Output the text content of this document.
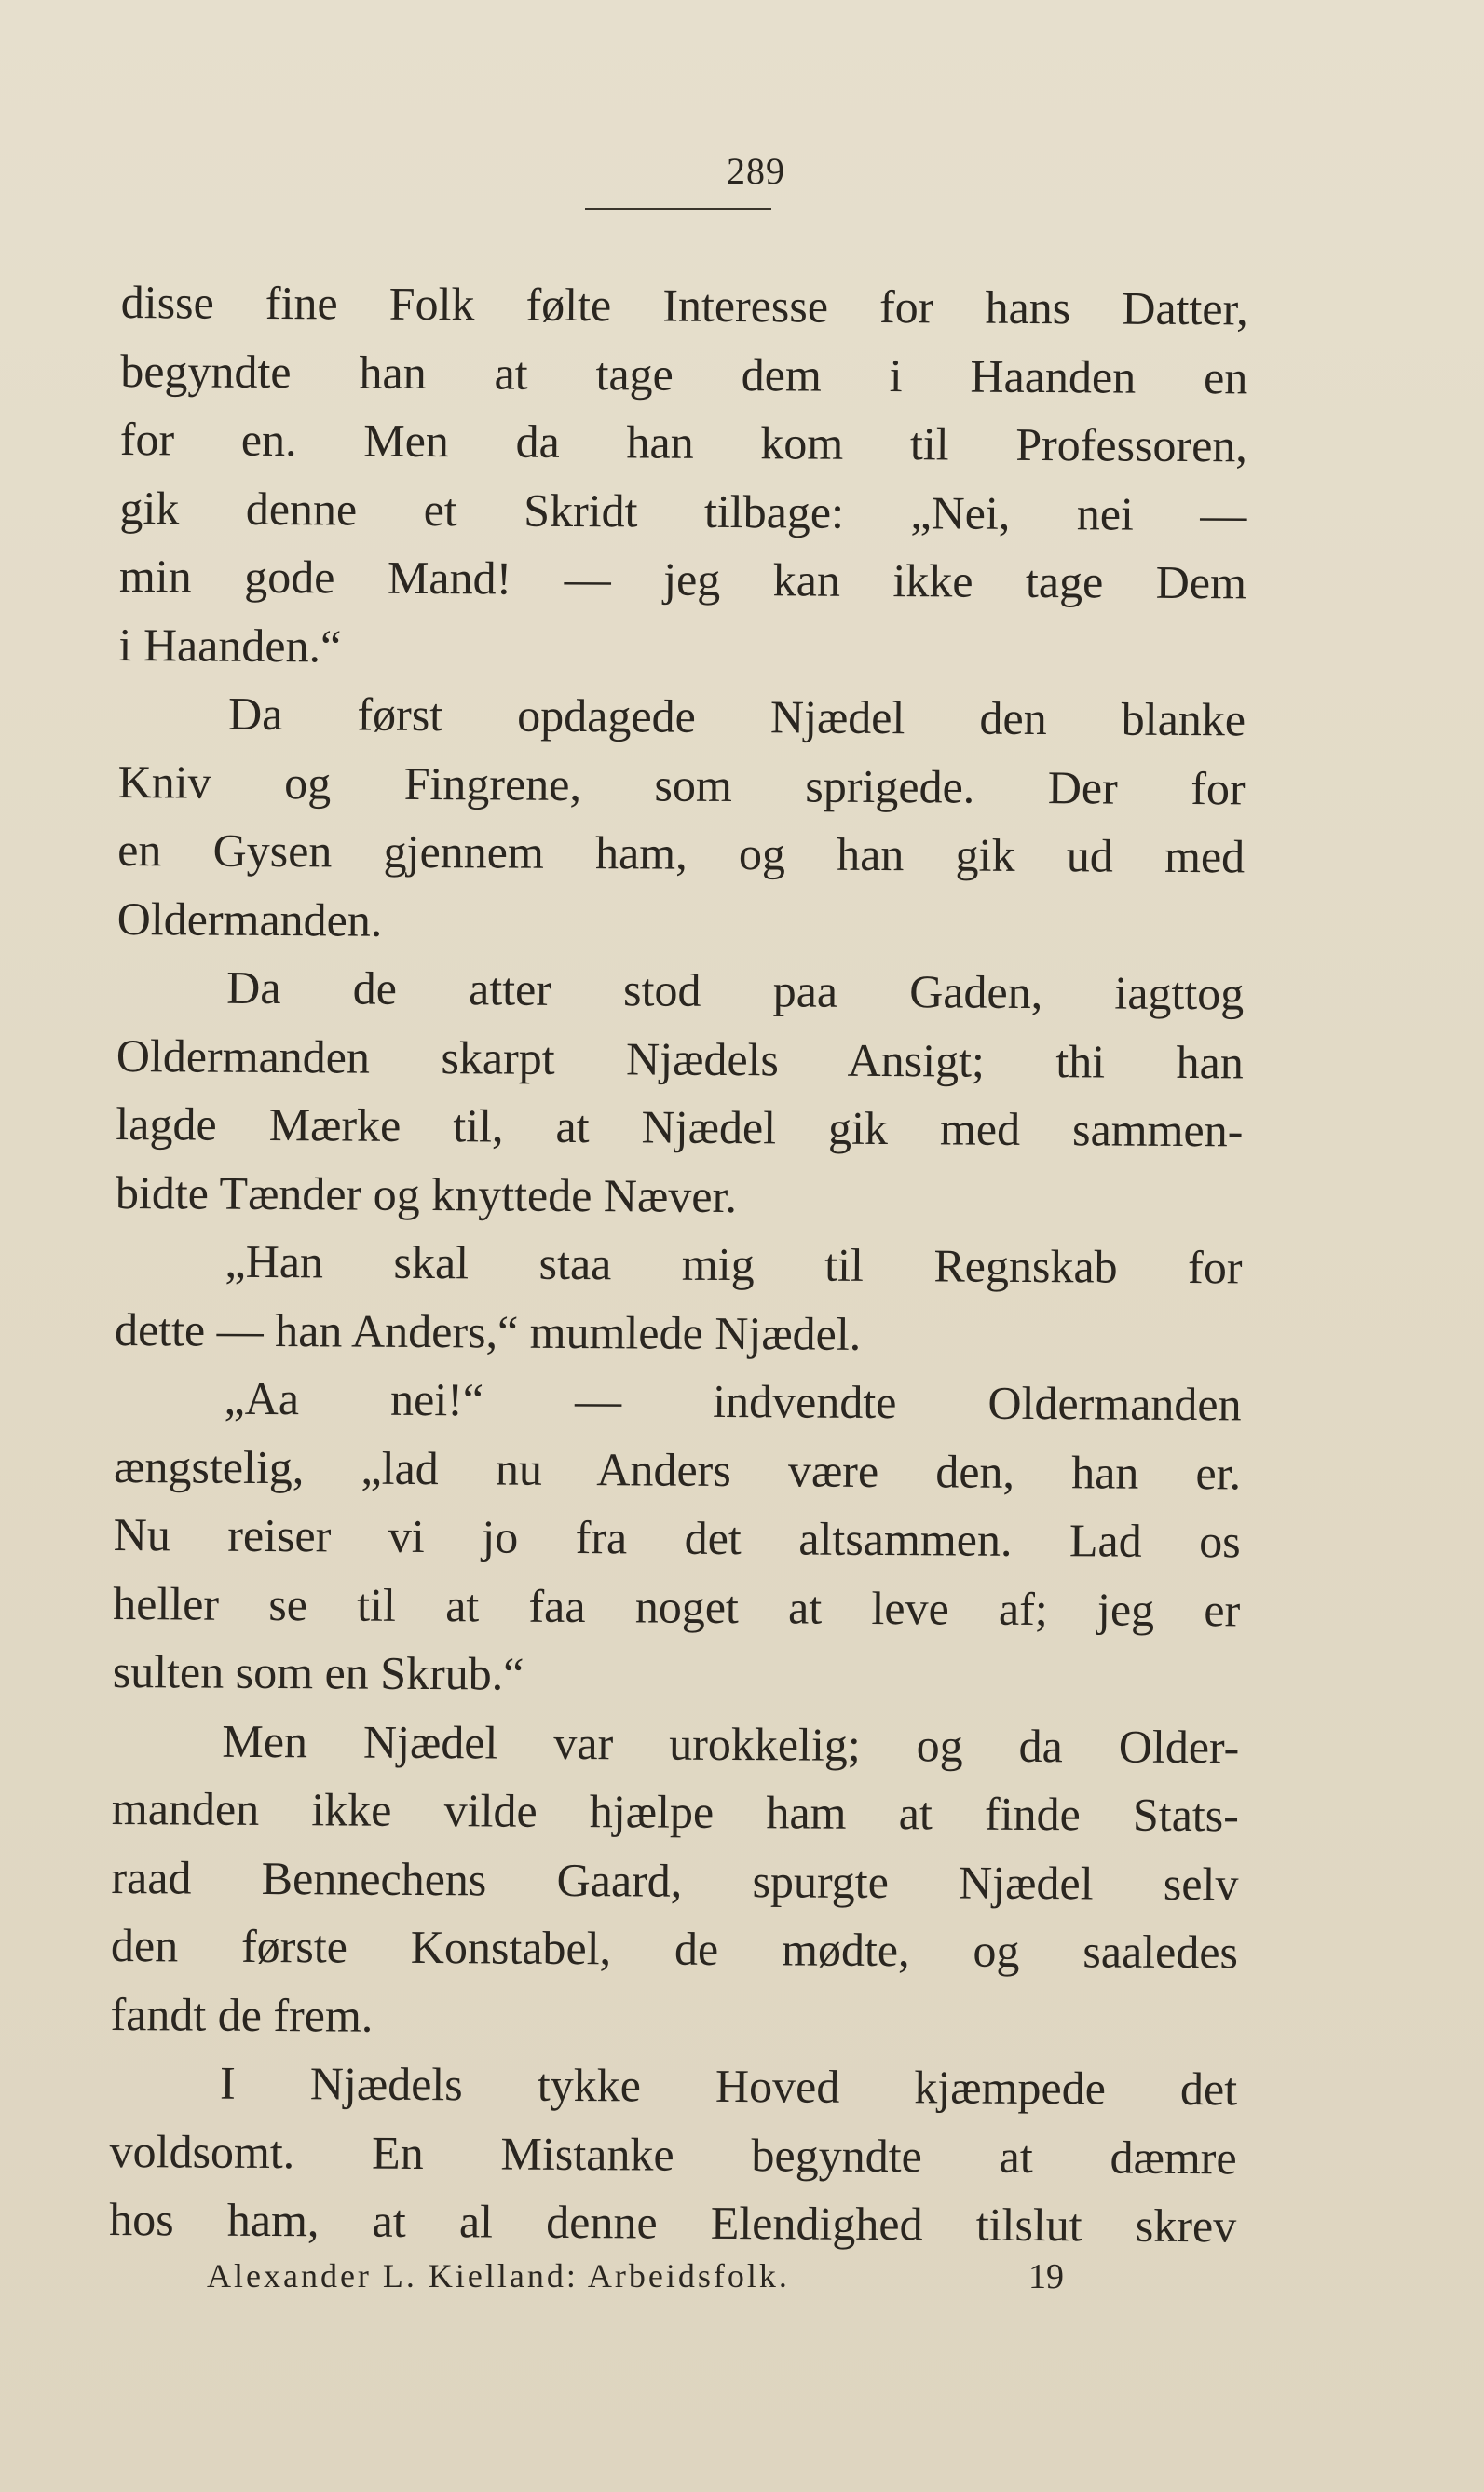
289
disse fine Folk følte Interesse for hans Datter,
begyndte han at tage dem i Haanden en
for en. Men da han kom til Professoren,
gik denne et Skridt tilbage: „Nei, nei —
min gode Mand! — jeg kan ikke tage Dem
i Haanden.“
Da først opdagede Njædel den blanke
Kniv og Fingrene, som sprigede. Der for
en Gysen gjennem ham, og han gik ud med
Oldermanden.
Da de atter stod paa Gaden, iagttog
Oldermanden skarpt Njædels Ansigt; thi han
lagde Mærke til, at Njædel gik med sammen-
bidte Tænder og knyttede Næver.
„Han skal staa mig til Regnskab for
dette — han Anders,“ mumlede Njædel.
„Aa nei!“ — indvendte Oldermanden
ængstelig, „lad nu Anders være den, han er.
Nu reiser vi jo fra det altsammen. Lad os
heller se til at faa noget at leve af; jeg er
sulten som en Skrub.“
Men Njædel var urokkelig; og da Older-
manden ikke vilde hjælpe ham at finde Stats-
raad Bennechens Gaard, spurgte Njædel selv
den første Konstabel, de mødte, og saaledes
fandt de frem.
I Njædels tykke Hoved kjæmpede det
voldsomt. En Mistanke begyndte at dæmre
hos ham, at al denne Elendighed tilslut skrev
Alexander L. Kielland: Arbeidsfolk.	19
